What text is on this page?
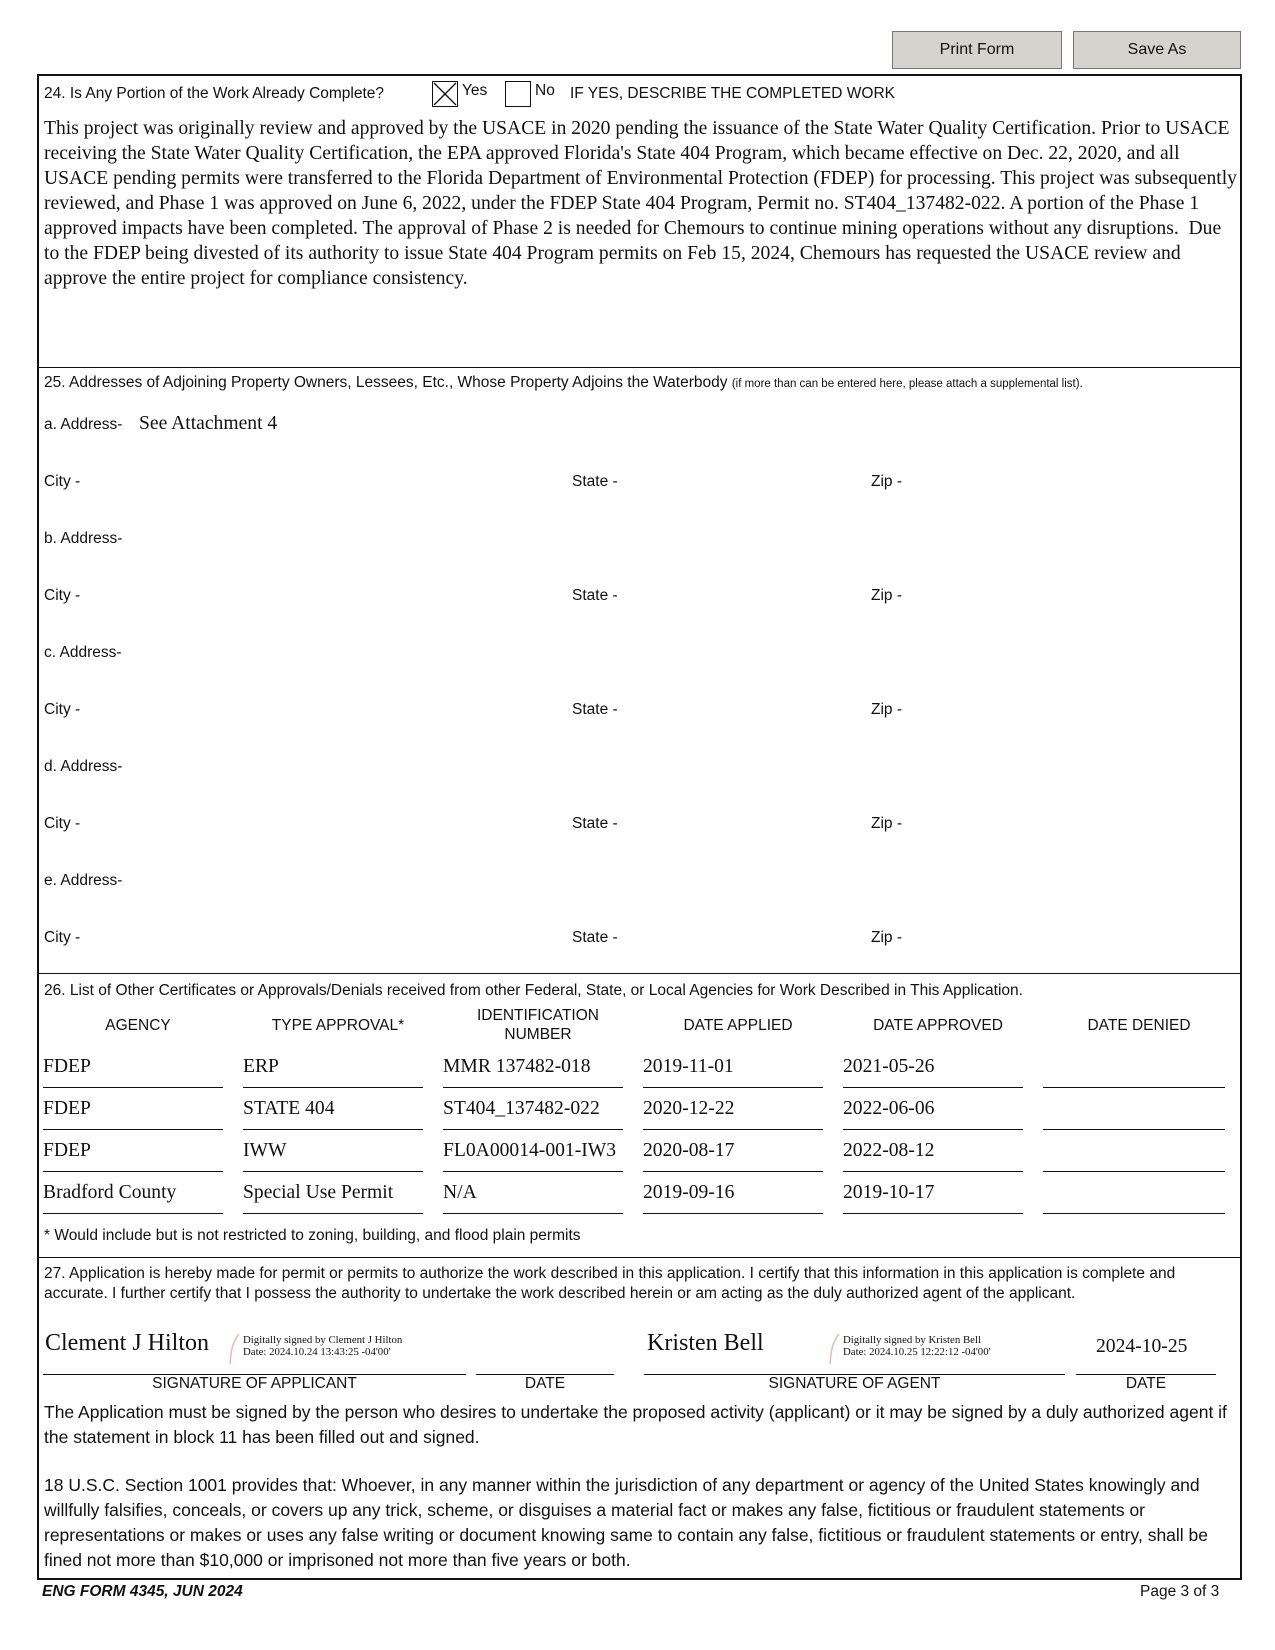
Print Form	Save As
24. Is Any Portion of the Work Already Complete?	Yes	No IF YES, DESCRIBE THE COMPLETED WORK
This project was originally review and approved by the USACE in 2020 pending the issuance of the State Water Quality Certification. Prior to USACE receiving the State Water Quality Certification, the EPA approved Florida's State 404 Program, which became effective on Dec. 22, 2020, and all USACE pending permits were transferred to the Florida Department of Environmental Protection (FDEP) for processing. This project was subsequently reviewed, and Phase 1 was approved on June 6, 2022, under the FDEP State 404 Program, Permit no. ST404_137482-022. A portion of the Phase 1 approved impacts have been completed. The approval of Phase 2 is needed for Chemours to continue mining operations without any disruptions.  Due to the FDEP being divested of its authority to issue State 404 Program permits on Feb 15, 2024, Chemours has requested the USACE review and approve the entire project for compliance consistency.
25. Addresses of Adjoining Property Owners, Lessees, Etc., Whose Property Adjoins the Waterbody (if more than can be entered here, please attach a supplemental list).
a. Address- See Attachment 4
City -	State -	Zip -
b. Address-
City -	State -	Zip -
c. Address-
City -	State -	Zip -
d. Address-
City -	State -	Zip -
e. Address-
City -	State -	Zip -
26. List of Other Certificates or Approvals/Denials received from other Federal, State, or Local Agencies for Work Described in This Application.
AGENCY	TYPE APPROVAL*
IDENTIFICATION NUMBER
DATE APPLIED	DATE APPROVED	DATE DENIED
FDEP	ERP	MMR 137482-018	2019-11-01	2021-05-26
FDEP	STATE 404	ST404_137482-022	2020-12-22	2022-06-06
FDEP	IWW	FL0A00014-001-IW3	2020-08-17	2022-08-12
Bradford County	Special Use Permit	N/A	2019-09-16	2019-10-17
* Would include but is not restricted to zoning, building, and flood plain permits
27. Application is hereby made for permit or permits to authorize the work described in this application. I certify that this information in this application is complete and accurate. I further certify that I possess the authority to undertake the work described herein or am acting as the duly authorized agent of the applicant.
Clement J Hilton	Digitally signed by Clement J Hilton
Date: 2024.10.24 13:43:25 -04'00'
SIGNATURE OF APPLICANT	DATE
Kristen Bell	Digitally signed by Kristen Bell
Date: 2024.10.25 12:22:12 -04'00'
SIGNATURE OF AGENT
2024-10-25
DATE
The Application must be signed by the person who desires to undertake the proposed activity (applicant) or it may be signed by a duly authorized agent if the statement in block 11 has been filled out and signed.
18 U.S.C. Section 1001 provides that: Whoever, in any manner within the jurisdiction of any department or agency of the United States knowingly and willfully falsifies, conceals, or covers up any trick, scheme, or disguises a material fact or makes any false, fictitious or fraudulent statements or representations or makes or uses any false writing or document knowing same to contain any false, fictitious or fraudulent statements or entry, shall be fined not more than $10,000 or imprisoned not more than five years or both.
ENG FORM 4345, JUN 2024	Page 3 of 3
